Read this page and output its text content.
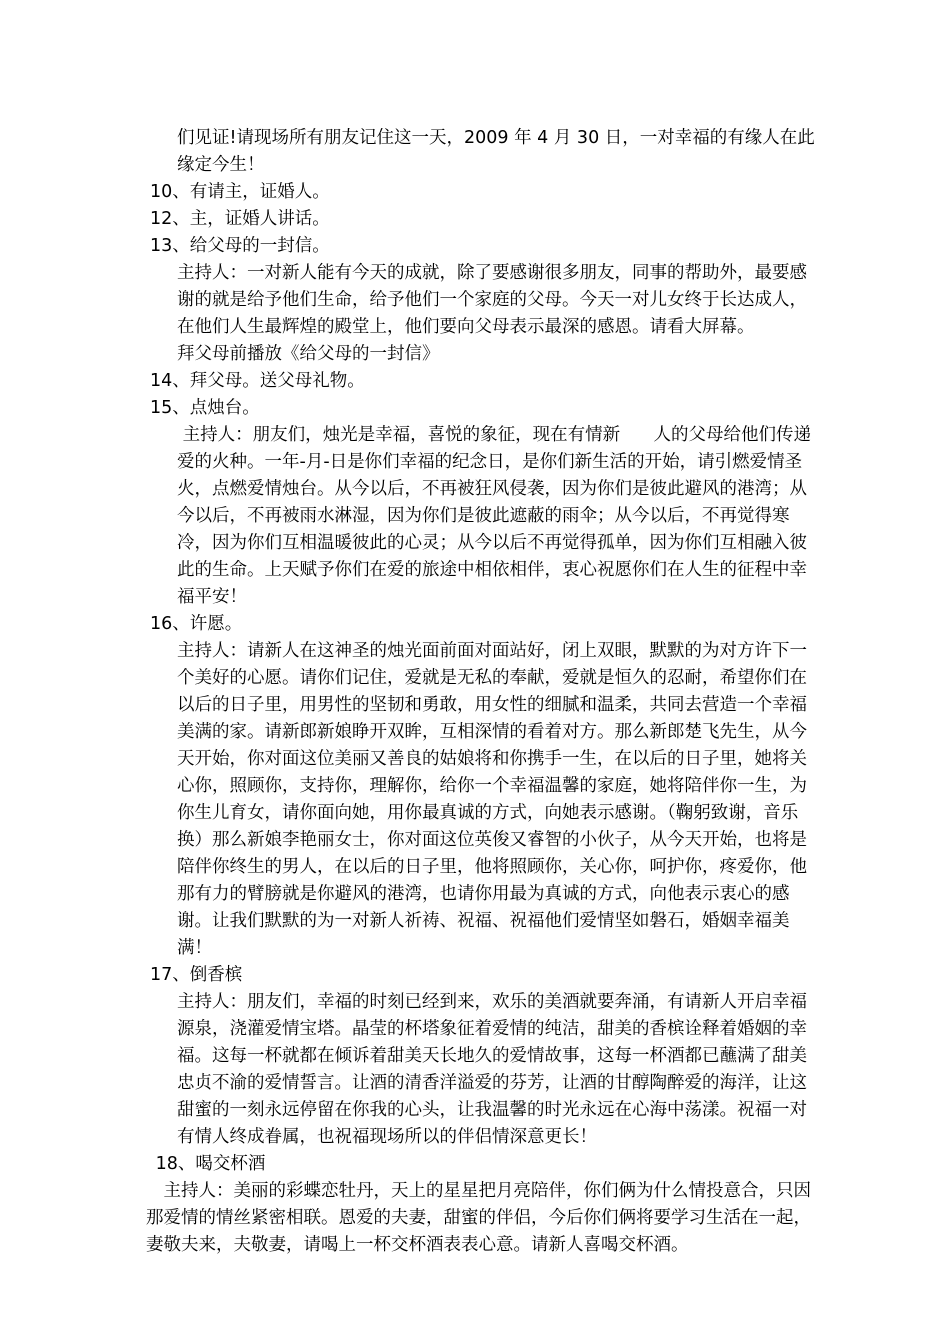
们见证!请现场所有朋友记住这一天，2009 年 4 月 30 日，一对幸福的有缘人在此缘定今生！

10、有请主，证婚人。

12、主，证婚人讲话。

13、给父母的一封信。

主持人：一对新人能有今天的成就，除了要感谢很多朋友，同事的帮助外，最要感谢的就是给予他们生命，给予他们一个家庭的父母。今天一对儿女终于长达成人，在他们人生最辉煌的殿堂上，他们要向父母表示最深的感恩。请看大屏幕。

拜父母前播放《给父母的一封信》

14、拜父母。送父母礼物。

15、点烛台。

主持人：朋友们，烛光是幸福，喜悦的象征，现在有情新      人的父母给他们传递爱的火种。一年-月-日是你们幸福的纪念日，是你们新生活的开始，请引燃爱情圣火，点燃爱情烛台。从今以后，不再被狂风侵袭，因为你们是彼此避风的港湾；从今以后，不再被雨水淋湿，因为你们是彼此遮蔽的雨伞；从今以后，不再觉得寒冷，因为你们互相温暖彼此的心灵；从今以后不再觉得孤单，因为你们互相融入彼此的生命。上天赋予你们在爱的旅途中相依相伴，衷心祝愿你们在人生的征程中幸福平安！

16、许愿。

主持人：请新人在这神圣的烛光面前面对面站好，闭上双眼，默默的为对方许下一个美好的心愿。请你们记住，爱就是无私的奉献，爱就是恒久的忍耐，希望你们在以后的日子里，用男性的坚韧和勇敢，用女性的细腻和温柔，共同去营造一个幸福美满的家。请新郎新娘睁开双眸，互相深情的看着对方。那么新郎楚飞先生，从今天开始，你对面这位美丽又善良的姑娘将和你携手一生，在以后的日子里，她将关心你，照顾你，支持你，理解你，给你一个幸福温馨的家庭，她将陪伴你一生，为你生儿育女，请你面向她，用你最真诚的方式，向她表示感谢。（鞠躬致谢，音乐换）那么新娘李艳丽女士，你对面这位英俊又睿智的小伙子，从今天开始，也将是陪伴你终生的男人，在以后的日子里，他将照顾你，关心你，呵护你，疼爱你，他那有力的臂膀就是你避风的港湾，也请你用最为真诚的方式，向他表示衷心的感谢。让我们默默的为一对新人祈祷、祝福、祝福他们爱情坚如磐石，婚姻幸福美满！

17、倒香槟

主持人：朋友们，幸福的时刻已经到来，欢乐的美酒就要奔涌，有请新人开启幸福源泉，浇灌爱情宝塔。晶莹的杯塔象征着爱情的纯洁，甜美的香槟诠释着婚姻的幸福。这每一杯就都在倾诉着甜美天长地久的爱情故事，这每一杯酒都已蘸满了甜美忠贞不渝的爱情誓言。让酒的清香洋溢爱的芬芳，让酒的甘醇陶醉爱的海洋，让这甜蜜的一刻永远停留在你我的心头，让我温馨的时光永远在心海中荡漾。祝福一对有情人终成眷属，也祝福现场所以的伴侣情深意更长！

18、喝交杯酒

　主持人：美丽的彩蝶恋牡丹，天上的星星把月亮陪伴，你们俩为什么情投意合，只因那爱情的情丝紧密相联。恩爱的夫妻，甜蜜的伴侣，今后你们俩将要学习生活在一起，妻敬夫来，夫敬妻，请喝上一杯交杯酒表表心意。请新人喜喝交杯酒。
